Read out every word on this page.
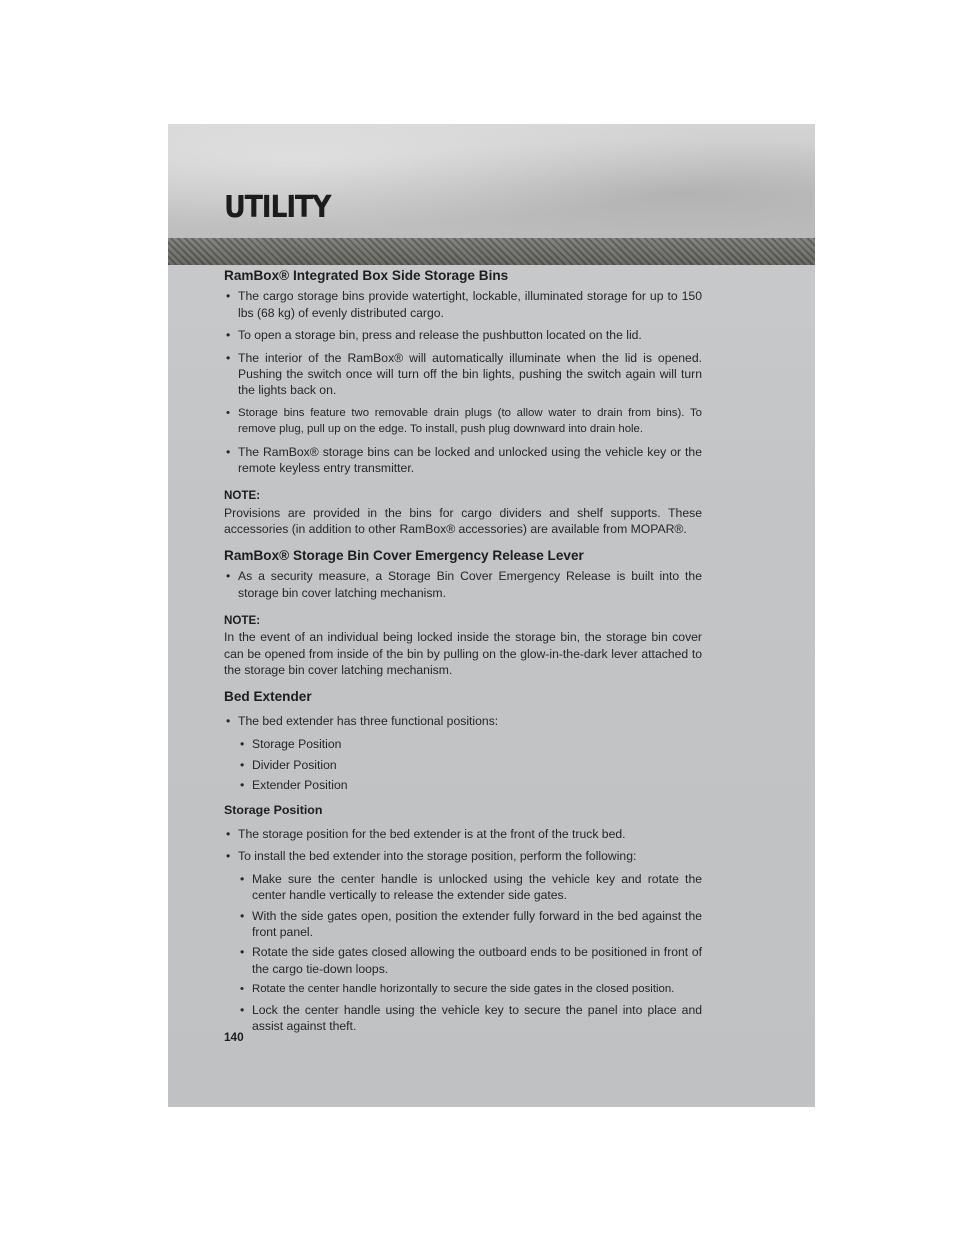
UTILITY
RamBox® Integrated Box Side Storage Bins
• The cargo storage bins provide watertight, lockable, illuminated storage for up to 150 lbs (68 kg) of evenly distributed cargo.
• To open a storage bin, press and release the pushbutton located on the lid.
• The interior of the RamBox® will automatically illuminate when the lid is opened. Pushing the switch once will turn off the bin lights, pushing the switch again will turn the lights back on.
• Storage bins feature two removable drain plugs (to allow water to drain from bins). To remove plug, pull up on the edge. To install, push plug downward into drain hole.
• The RamBox® storage bins can be locked and unlocked using the vehicle key or the remote keyless entry transmitter.
NOTE:
Provisions are provided in the bins for cargo dividers and shelf supports. These accessories (in addition to other RamBox® accessories) are available from MOPAR®.
RamBox® Storage Bin Cover Emergency Release Lever
• As a security measure, a Storage Bin Cover Emergency Release is built into the storage bin cover latching mechanism.
NOTE:
In the event of an individual being locked inside the storage bin, the storage bin cover can be opened from inside of the bin by pulling on the glow-in-the-dark lever attached to the storage bin cover latching mechanism.
Bed Extender
• The bed extender has three functional positions:
• Storage Position
• Divider Position
• Extender Position
Storage Position
• The storage position for the bed extender is at the front of the truck bed.
• To install the bed extender into the storage position, perform the following:
• Make sure the center handle is unlocked using the vehicle key and rotate the center handle vertically to release the extender side gates.
• With the side gates open, position the extender fully forward in the bed against the front panel.
• Rotate the side gates closed allowing the outboard ends to be positioned in front of the cargo tie-down loops.
• Rotate the center handle horizontally to secure the side gates in the closed position.
• Lock the center handle using the vehicle key to secure the panel into place and assist against theft.
140
